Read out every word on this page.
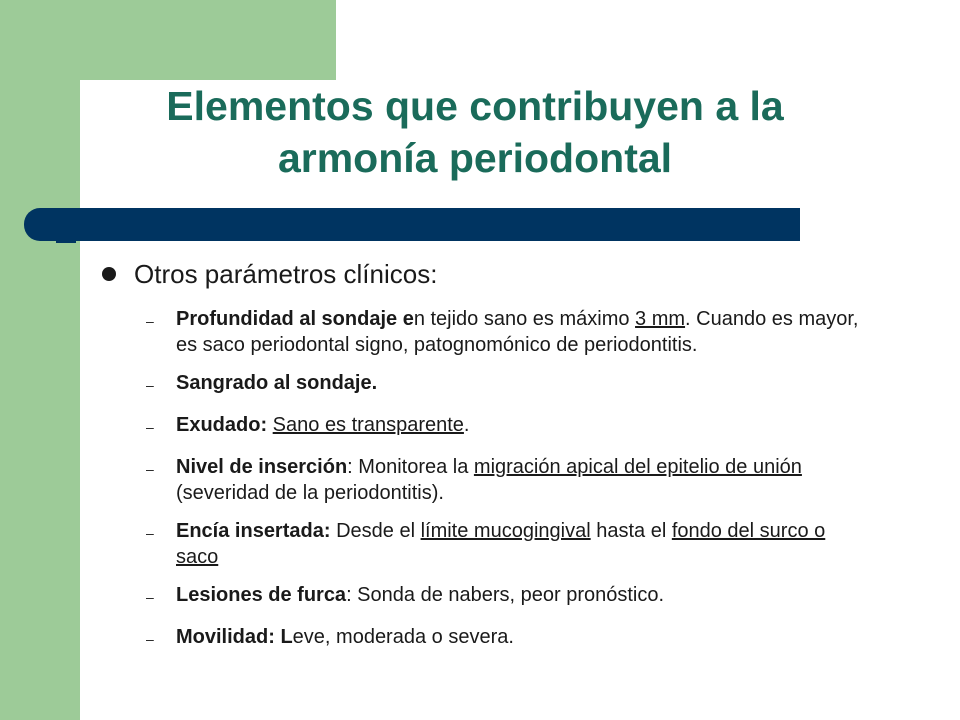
Elementos que contribuyen a la
armonía periodontal
Otros parámetros clínicos:
–	Profundidad al sondaje en tejido sano es máximo 3 mm. Cuando es mayor, es saco periodontal signo, patognomónico de periodontitis.
–	Sangrado al sondaje.
–	Exudado: Sano es transparente.
–	Nivel de inserción: Monitorea la migración apical del epitelio de unión (severidad de la periodontitis).
–	Encía insertada: Desde el límite mucogingival hasta el fondo del surco o saco
–	Lesiones de furca: Sonda de nabers, peor pronóstico.
–	Movilidad: Leve, moderada o severa.
